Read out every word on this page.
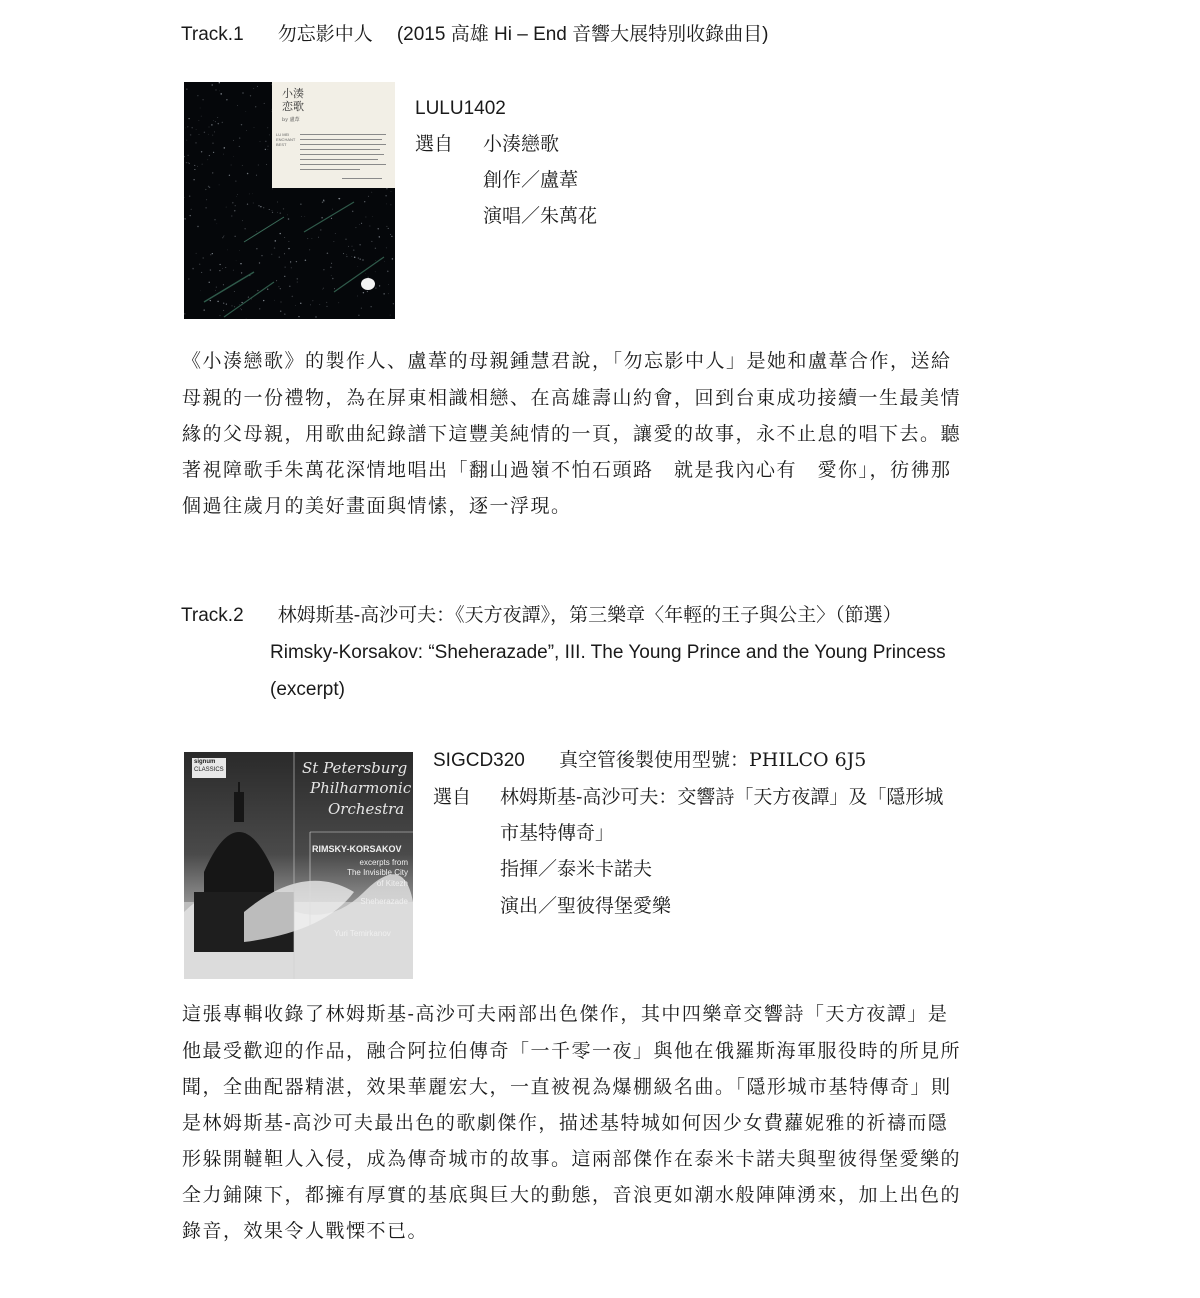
Track.1 勿忘影中人 (2015 高雄 Hi – End 音響大展特別收錄曲目)
小湊
恋歌
by 盧葦
LU MEI ENCHANT BEST
LULU1402
選自 小湊戀歌
創作／盧葦
演唱／朱萬花
《小湊戀歌》的製作人、盧葦的母親鍾慧君說，「勿忘影中人」是她和盧葦合作，送給
母親的一份禮物，為在屏東相識相戀、在高雄壽山約會，回到台東成功接續一生最美情
緣的父母親，用歌曲紀錄譜下這豐美純情的一頁，讓愛的故事，永不止息的唱下去。聽
著視障歌手朱萬花深情地唱出「翻山過嶺不怕石頭路　就是我內心有　愛你」，彷彿那
個過往歲月的美好畫面與情愫，逐一浮現。
Track.2 林姆斯基-高沙可夫：《天方夜譚》，第三樂章〈年輕的王子與公主〉（節選）
Rimsky-Korsakov: “Sheherazade”, III. The Young Prince and the Young Princess
(excerpt)
signum
CLASSICS	St Petersburg
Philharmonic
Orchestra
RIMSKY-KORSAKOV
excerpts from
The Invisible City
of Kitezh
Sheherazade
Yuri Temirkanov
SIGCD320 真空管後製使用型號：PHILCO 6J5
選自 林姆斯基-高沙可夫：交響詩「天方夜譚」及「隱形城
市基特傳奇」
指揮／泰米卡諾夫
演出／聖彼得堡愛樂
這張專輯收錄了林姆斯基-高沙可夫兩部出色傑作，其中四樂章交響詩「天方夜譚」是
他最受歡迎的作品，融合阿拉伯傳奇「一千零一夜」與他在俄羅斯海軍服役時的所見所
聞，全曲配器精湛，效果華麗宏大，一直被視為爆棚級名曲。「隱形城市基特傳奇」則
是林姆斯基-高沙可夫最出色的歌劇傑作，描述基特城如何因少女費蘿妮雅的祈禱而隱
形躲開韃靼人入侵，成為傳奇城市的故事。這兩部傑作在泰米卡諾夫與聖彼得堡愛樂的
全力鋪陳下，都擁有厚實的基底與巨大的動態，音浪更如潮水般陣陣湧來，加上出色的
錄音，效果令人戰慄不已。
